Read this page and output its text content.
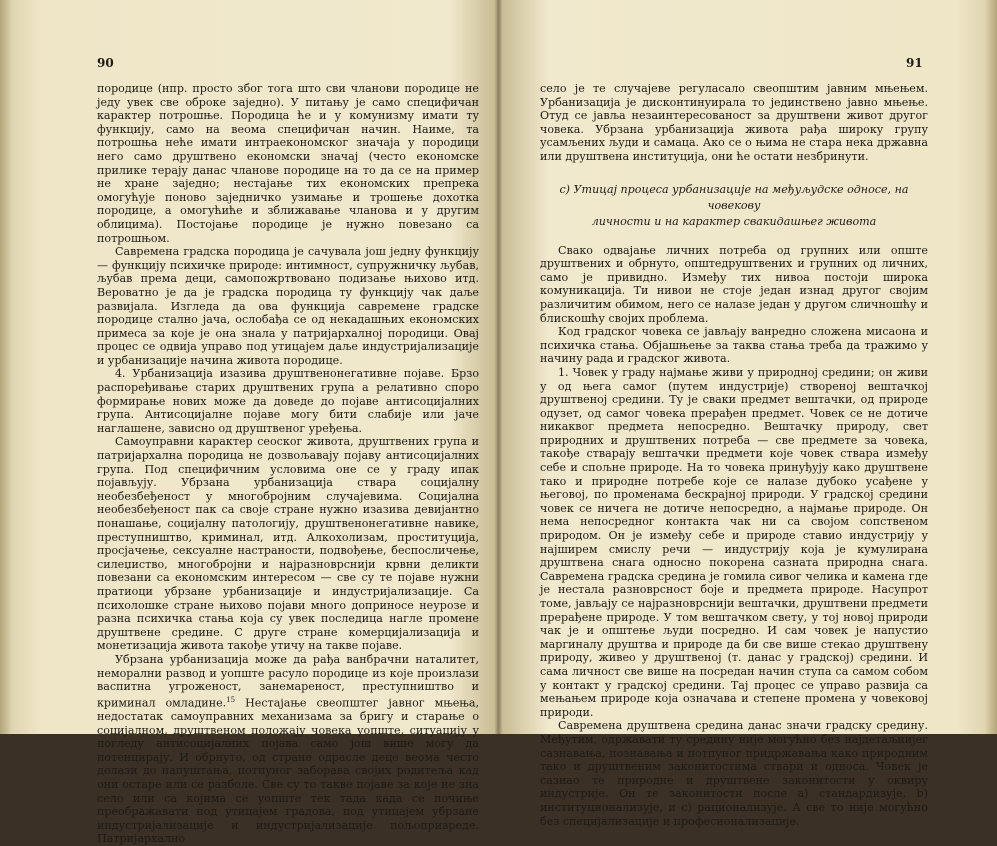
90

породице (нпр. просто због тога што сви чланови породице не једу увек све оброке заједно). У питању је само специфичан карактер потрошње. Породица ће и у комунизму имати ту функцију, само на веома специфичан начин. Наиме, та потрошња неће имати интраекономског значаја у породици него само друштвено економски значај (често економске прилике терају данас чланове породице на то да се на пример не хране заједно; нестајање тих економских препрека омогућује поново заједничко узимање и трошење дохотка породице, а омогућиће и зближавање чланова и у другим облицима). Постојање породице је нужно повезано са потрошњом.

Савремена градска породица је сачувала још једну функцију — функцију психичке природе: интимност, супружничку љубав, љубав према деци, самопожртвовано подизање њихово итд. Вероватно је да је градска породица ту функцију чак даље развијала. Изгледа да ова функција савремене градске породице стално јача, ослобађа се од некадашњих економских примеса за које је она знала у патријархалној породици. Овај процес се одвија управо под утицајем даље индустријализације и урбанизације начина живота породице.

4. Урбанизација изазива друштвенонегативне појаве. Брзо распоређивање старих друштвених група а релативно споро формирање нових може да доведе до појаве антисоцијалних група. Антисоцијалне појаве могу бити слабије или јаче наглашене, зависно од друштвеног уређења.

Самоуправни карактер сеоског живота, друштвених група и патријархална породица не дозвољавају појаву антисоцијалних група. Под специфичним условима оне се у граду ипак појављују. Убрзана урбанизација ствара социјалну необезбеђеност у многобројним случајевима. Социјална необезбеђеност пак са своје стране нужно изазива девијантно понашање, социјалну патологију, друштвенонегативне навике, преступништво, криминал, итд. Алкохолизам, проституција, просјачење, сексуалне настраности, подвођење, беспосличење, силеџиство, многобројни и најразноврснији крвни деликти повезани са економским интересом — све су те појаве нужни пратиоци убрзане урбанизације и индустријализације. Са психолошке стране њихово појави много доприносе неурозе и разна психичка стања која су увек последица нагле промене друштвене средине. С друге стране комерцијализација и монетизација живота такође утичу на такве појаве.

Убрзана урбанизација може да рађа ванбрачни наталитет, неморални развод и уопште расуло породице из које произлази васпитна угроженост, занемареност, преступништво и криминал омладине.$^{15}$ Нестајање свеопштег јавног мњења, недостатак самоуправних механизама за бригу и старање о социјалном, друштвеном положају човека уопште, ситуацију у погледу антисоцијалних појава само још више могу да потенцирају. И обрнуто, од стране одрасле деце веома често долази до напуштања, потпуног заборава својих родитеља кад они остаре или се разболе. Све су то такве појаве за које не зна село или са којима се уопште тек тада када се почиње преображавати под утицајем градова, под утицајем убрзане индустријализације и индустријализације пољопривреде. Патријархално

91

село је те случајеве регуласало свеопштим јавним мњењем. Урбанизација је дисконтинуирала то јединствено јавно мњење. Отуд се јавља незаинтересованост за друштвени живот другог човека. Убрзана урбанизација живота рађа широку групу усамљених људи и самаца. Ако се о њима не стара нека државна или друштвена институција, они ће остати незбринути.

c) Утицај процеса урбанизације на међуљудске односе, на човекову
личности и на карактер свакидашњег живота

Свако одвајање личних потреба од групних или опште друштвених и обрнуто, општедруштвених и групних од личних, само је привидно. Између тих нивоа постоји широка комуникација. Ти нивои не стоје један изнад другог својим различитим обимом, него се налазе један у другом сличношћу и блискошћу својих проблема.

Код градског човека се јављају ванредно сложена мисаона и психичка стања. Објашњење за таква стања треба да тражимо у начину рада и градског живота.

1. Човек у граду најмање живи у природној средини; он живи у од њега самог (путем индустрије) створеној вештачкој друштвеној средини. Ту је сваки предмет вештачки, од природе одузет, од самог човека прерађен предмет. Човек се не дотиче никаквог предмета непосредно. Вештачку природу, свет природних и друштвених потреба — све предмете за човека, такође стварају вештачки предмети које човек ствара између себе и спољне природе. На то човека принуђују како друштвене тако и природне потребе које се налазе дубоко усађене у његовој, по променама бескрајној природи. У градској средини човек се ничега не дотиче непосредно, а најмање природе. Он нема непосредног контакта чак ни са својом сопственом природом. Он је између себе и природе ставио индустрију у најширем смислу речи — индустрију која је кумулирана друштвена снага односно покорена сазната природна снага. Савремена градска средина је гомила сивог челика и камена где је нестала разноврсност боје и предмета природе. Насупрот томе, јављају се најразноврснији вештачки, друштвени предмети прерађене природе. У том вештачком свету, у тој новој природи чак је и општење људи посредно. И сам човек је напустио маргиналу друштва и природе да би све више стекао друштвену природу, живео у друштвеној (т. данас у градској) средини. И сама личност све више на посредан начин ступа са самом собом у контакт у градској средини. Тај процес се управо развија са мењањем природе која означава и степене промена у човековој природи.

Савремена друштвена средина данас значи градску средину. Међутим, одржавати ту средину није могућно без најдетаљнијег сазнавања, познавања и потпуног придржавања како природним тако и друштвеним законитостима ствари и односа. Човек је сазнао те природне и друштвене законитости у оквиру индустрије. Он те законитости после a) стандардизује, b) институционализује, и c) рационализује. А све то није могућно без специјализације и професионализације.
